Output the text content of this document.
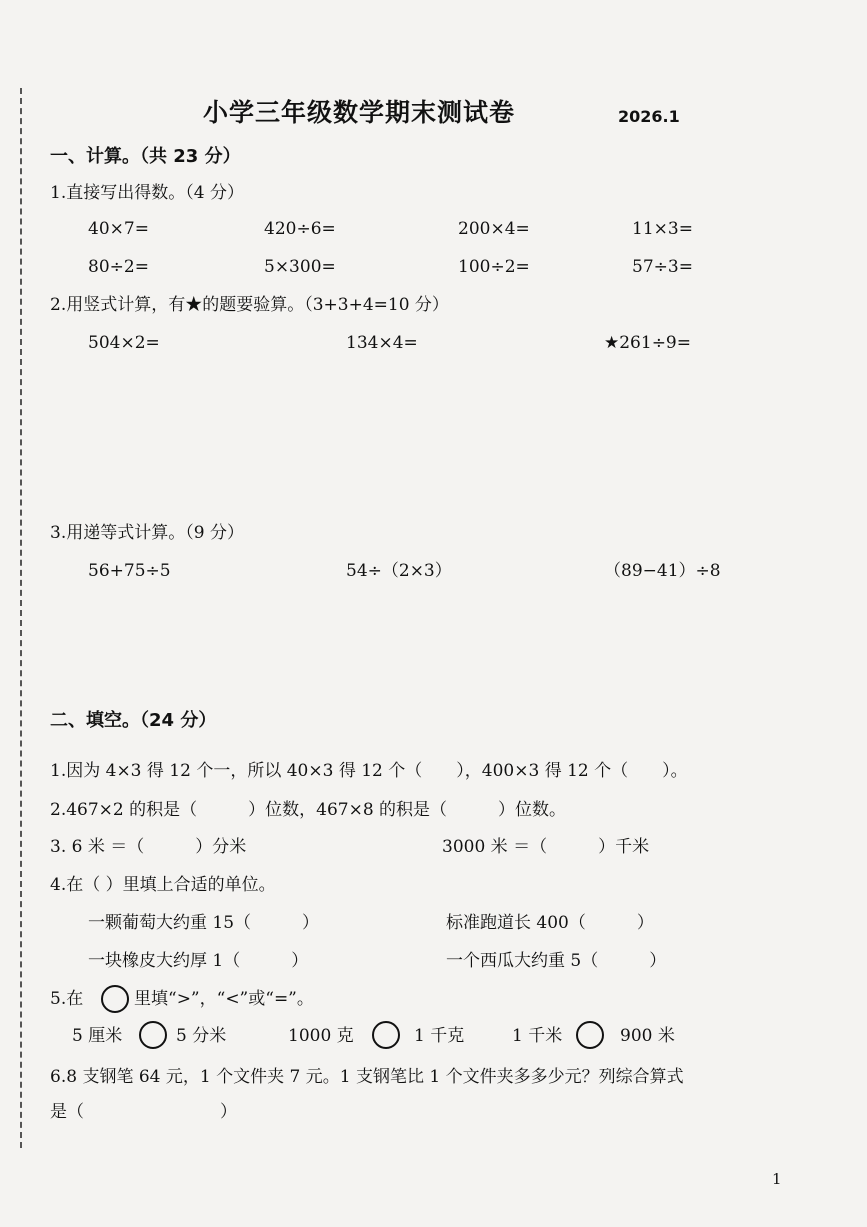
小学三年级数学期末测试卷	2026.1
一、计算。（共 23 分）
1.直接写出得数。（4 分）
40×7=	420÷6=	200×4=	11×3=
80÷2=	5×300=	100÷2=	57÷3=
2.用竖式计算，有★的题要验算。（3+3+4=10 分）
504×2=	134×4=	★261÷9=
3.用递等式计算。（9 分）
56+75÷5	54÷（2×3）	（89−41）÷8
二、填空。（24 分）
1.因为 4×3 得 12 个一，所以 40×3 得 12 个（　　），400×3 得 12 个（　　）。
2.467×2 的积是（　　　）位数，467×8 的积是（　　　）位数。
3. 6 米 ＝（　　　）分米	3000 米 ＝（　　　）千米
4.在（ ）里填上合适的单位。
一颗葡萄大约重 15（　　　）	标准跑道长 400（　　　）
一块橡皮大约厚 1（　　　）	一个西瓜大约重 5（　　　）
5.在	里填“>”，“<”或“=”。
5 厘米	5 分米	1000 克	1 千克	1 千米	900 米
6.8 支钢笔 64 元，1 个文件夹 7 元。1 支钢笔比 1 个文件夹多多少元？列综合算式
是（　　　　　　　　）
1
